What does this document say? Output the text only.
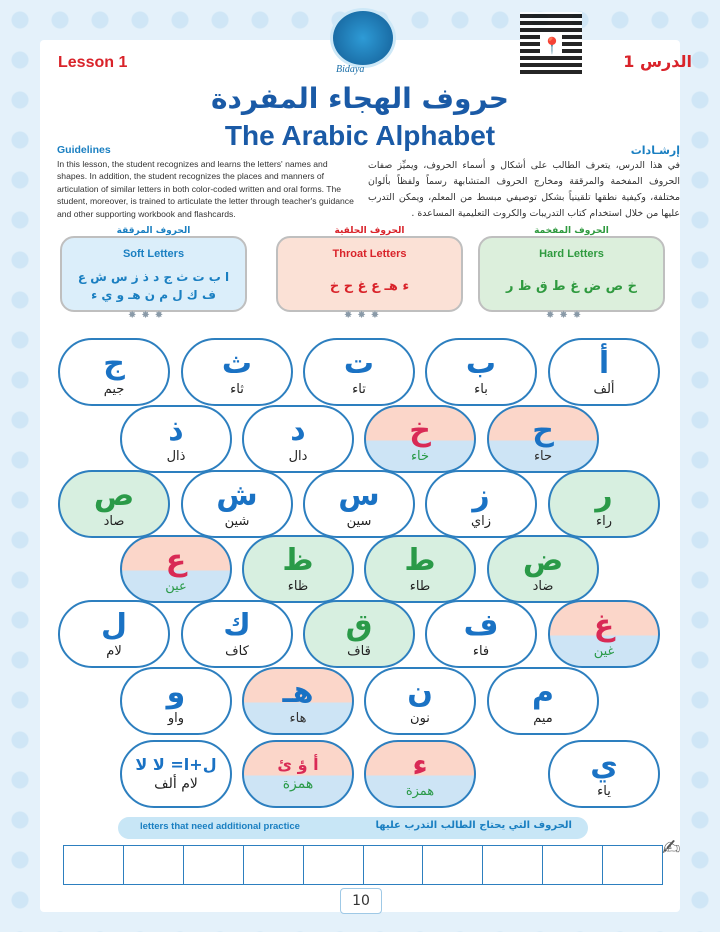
Lesson 1	الدرس 1
Bidaya
📍
حروف الهجاء المفردة
The Arabic Alphabet
Guidelines	إرشـادات
In this lesson, the student recognizes and learns the letters' names and shapes. In addition, the student recognizes the places and manners of articulation of similar letters in both color-coded written and oral forms. The student, moreover, is trained to articulate the letter through teacher's guidance and other supporting workbook and flashcards.
في هذا الدرس، يتعرف الطالب على أشكال و أسماء الحروف، ويميِّز صفات الحروف المفخمة والمرققة ومخارج الحروف المتشابهة رسماً ولفظاً بألوان مختلفة، وكيفية نطقها تلقينياً بشكل توصيفي مبسط من المعلم، ويمكن التدرب عليها من خلال استخدام كتاب التدريبات والكروت التعليمية المساعدة .
الحروف المرققة
Soft Letters
ا ب ت ث ج د ذ ز س ش ع ف ك ل م ن هـ و ي ء
الحروف الحلقية
Throat Letters
ء هـ ع غ ح خ
الحروف المفخمة
Hard Letters
خ ص ض غ ط ق ظ ر
✸✸✸	✸✸✸	✸✸✸
أ
ألف
ب
باء
ت
تاء
ث
ثاء
ج
جيم
ح
حاء
خ
خاء
د
دال
ذ
ذال
ر
راء
ز
زاي
س
سين
ش
شين
ص
صاد
ض
ضاد
ط
طاء
ظ
ظاء
ع
عين
غ
غين
ف
فاء
ق
قاف
ك
كاف
ل
لام
م
ميم
ن
نون
هـ
هاء
و
واو
ي
ياء
ء
همزة
أ ؤ ئ
همزة
ل+ا= لا لا
لام ألف
letters that need additional practice	الحروف التي يحتاج الطالب التدرب عليها
✍
10
